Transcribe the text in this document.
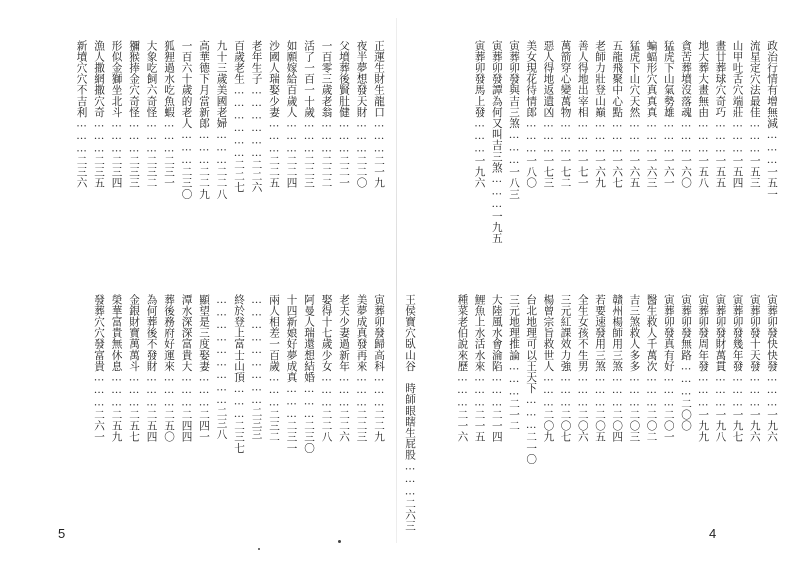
正運生財生龍口………二一九
夜半夢想發天財………二二〇
父墳葬後賢肚健………二二一
一百零三歲老翁………二二二
活了一百一十歲………二二三
如願嫁給百歲人………二二四
沙國人瑞娶少妻………二二五
老年生子………………二二六
百歲老生………………二二七
九十三歲美國老婦………二二八
高華德下月當新郎………二二九
一百六十歲的老人………二三〇
狐狸過水吃魚蝦………二三一
大象吃飼六奇怪………二三二
獼猴捧金穴奇怪………二三三
形似金獅坐北斗………二三四
漁人撒網撒穴奇………二三五
新墳穴穴不吉利………二三六
寅葬卯發歸高科………二二九
美夢成真發再來………二二三
老夫少妻過新年………二二六
娶得十七歲少女………二二八
阿曼人瑞還想結婚………二三〇
十四新娘好夢成真………二三一
兩人相差一百歲………二三二
………………………二三三
終於登上富士山頂………二三七
………………………二三八
顯望是三度娶妻………二四一
潭水深深富貴大………二四四
葬後務府好運來………二五〇
為何葬後不發財………二五四
金銀財寶萬萬斗………二五七
榮華富貴無休息………二五九
發葬穴穴發富貴………二六一
5
政治行情有增無減………一五一
流星定穴法最佳………一五三
山甲吐舌穴端莊………一五四
畫廿葬球穴奇巧………一五五
地大葬大畫無由………一五八
貪苦葬墳沒落魂………一六〇
猛虎下山氣勢雄………一六一
蝙蝠形穴真真真………一六三
猛虎下山穴天然………一六五
五龍飛聚中心點………一六七
老師力壯登山巔………一六九
善人得地出宰相………一七一
萬箭穿心變萬物………一七二
惡人得地返遺凶………一七三
美女現花待情郎………一八〇
寅葬卯發與吉三煞………一八三
寅葬卯發譚為何又叫吉三煞………一九五
寅葬卯發馬上發………一九六
寅葬卯發快快發………一九六
寅葬卯發十天發………一九六
寅葬卯發幾年發………一九七
寅葬卯發財萬貫………一九八
寅葬卯發周年發………一九九
寅葬卯發無路………二〇〇
寅葬卯發真有好………二〇一
醫生救人千萬次………二〇二
吉三煞救人多多………二〇三
贛州楊師用三煞………二〇四
若要速發用三煞………二〇五
全生女孩不生男………二〇六
三元紅課效力強………二〇七
楊曾宗旨救世人………二〇九
台北地理可以王天下………二一〇
三元地理推論………二一二
大陸風水會淪陷………二一四
鯉魚上水活水來………二一五
種菜老伯說來歷………二一六
王侯寶穴臥山谷　時師眼瞎生屁股………二六三
4
